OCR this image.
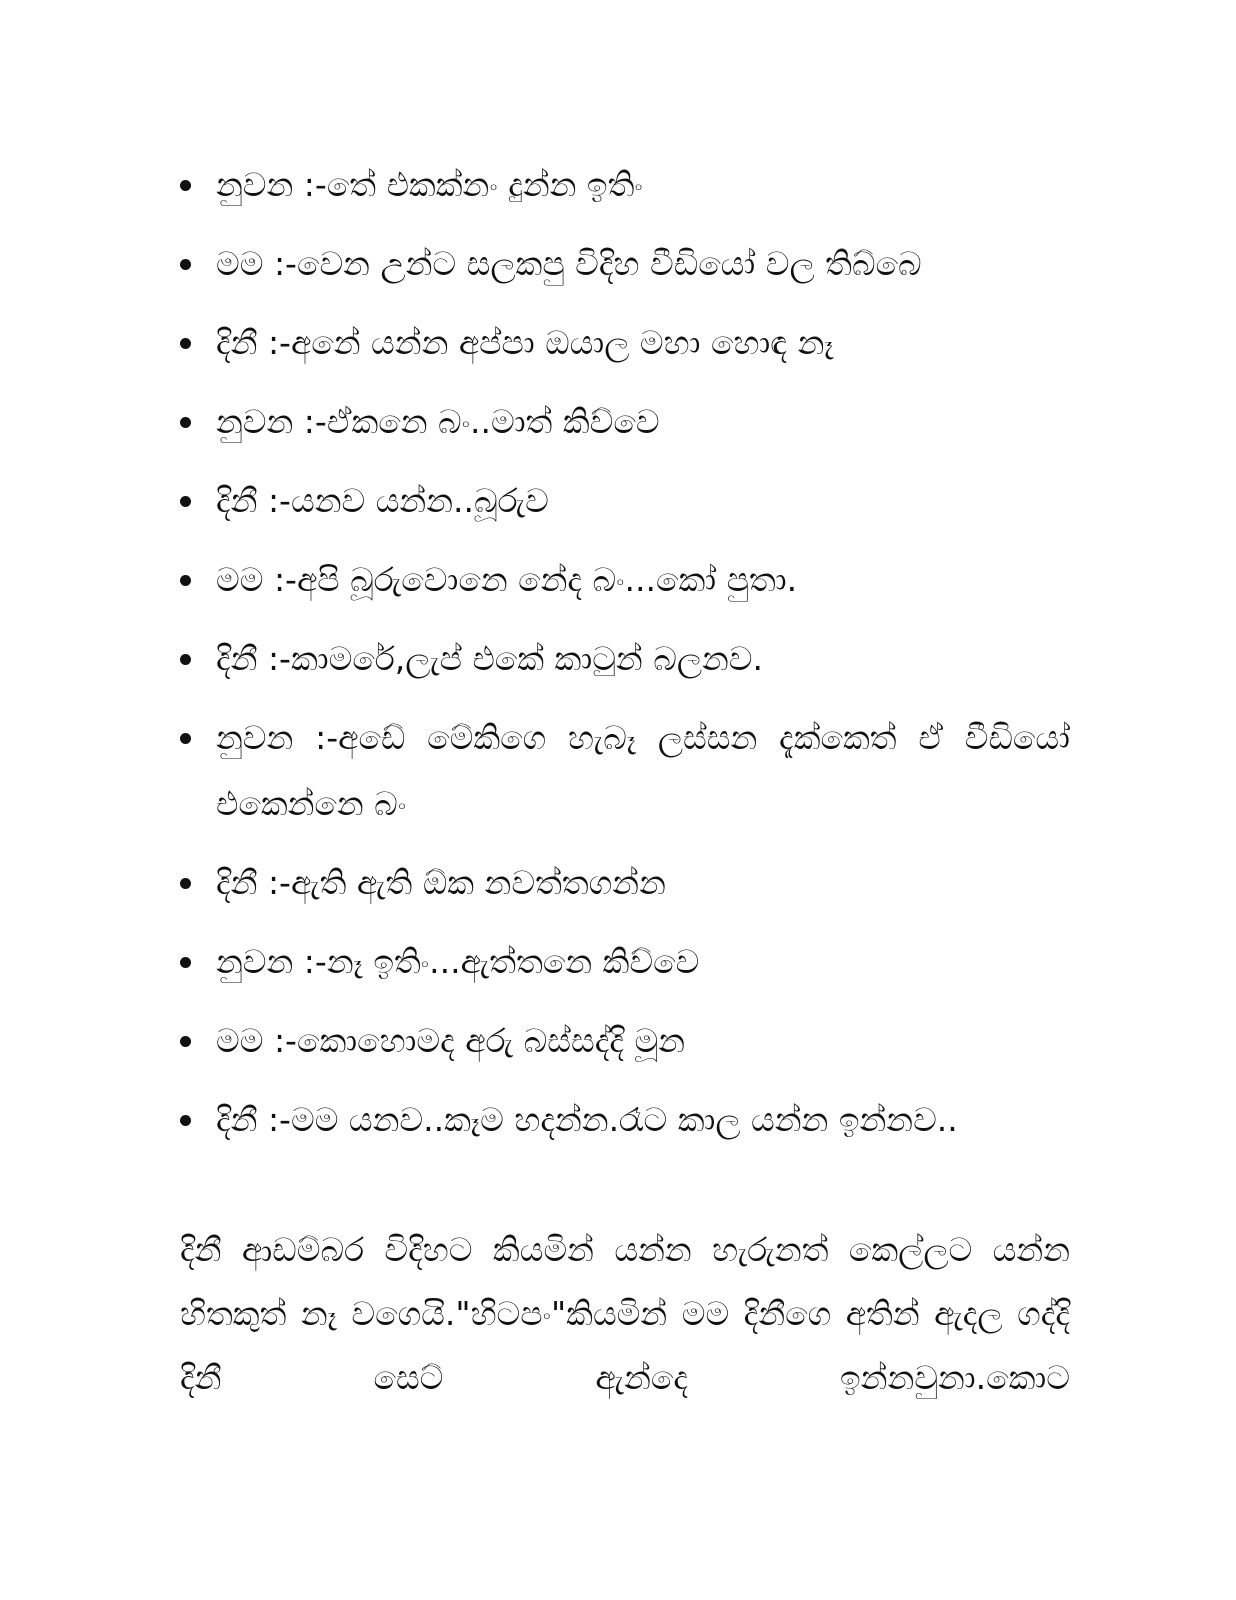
නුවන :-තේ එකක්නං දුන්න ඉතිං
මම :-වෙන උන්ට සලකපු විදිහ වීඩියෝ වල තිබ්බෙ
දිනී :-අනේ යන්න අප්පා ඔයාල මහා හොඳ නෑ
නුවන :-ඒකනෙ බං..මාත් කිව්වෙ
දිනී :-යනව යන්න..බූරුව
මම :-අපි බූරුවොනෙ නේද බං...කෝ පුතා.
දිනී :-කාමරේ,ලැප් එකේ කාටුන් බලනව.
නුවන :-අඩේ මේකිගෙ හැබෑ ලස්සන දැක්කෙත් ඒ වීඩියෝ එකෙන්නෙ බං
දිනී :-ඇති ඇති ඕක නවත්තගන්න
නුවන :-නෑ ඉතිං...ඇත්තනෙ කිව්වෙ
මම :-කොහොමද අරු බස්සද්දි මූන
දිනී :-මම යනව..කෑම හදන්න.රෑට කාල යන්න ඉන්නව..

දිනී ආඩම්බර විදිහට කියමින් යන්න හැරුනත් කෙල්ලට යන්න හිතකුත් නෑ වගෙයි."හිටපං"කියමින් මම දිනීගෙ අතින් ඇදල ගද්දි දිනී සෙට් ඇන්දෙ ඉන්නවුනා.කොට
